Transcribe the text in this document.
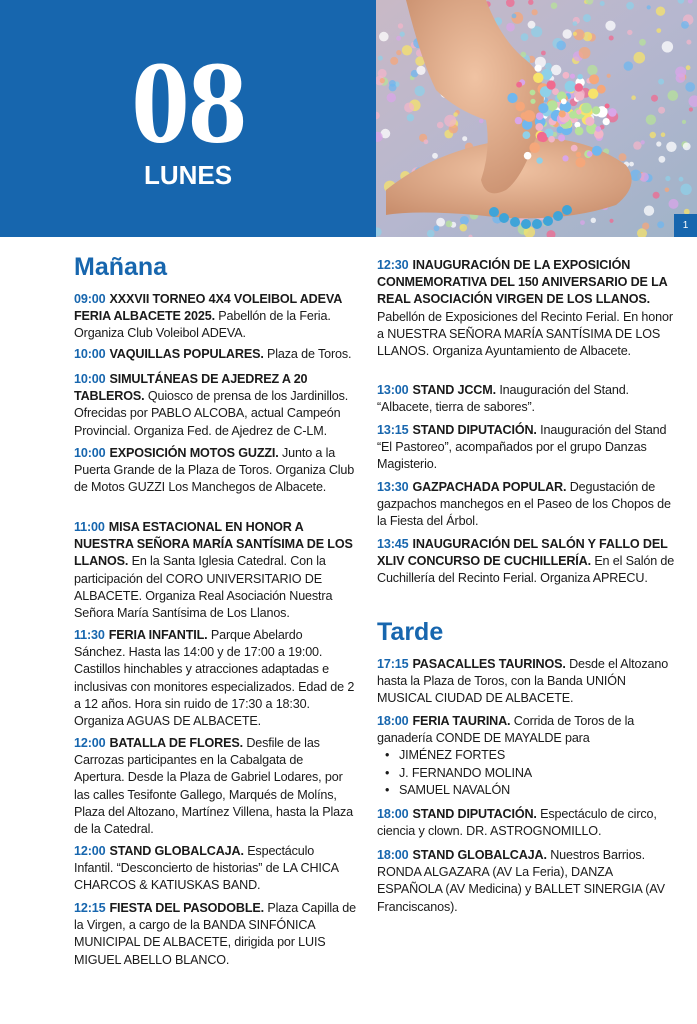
08
LUNES
1
Mañana

09:00 XXXVII TORNEO 4X4 VOLEIBOL ADEVA FERIA ALBACETE 2025. Pabellón de la Feria. Organiza Club Voleibol ADEVA.

10:00 VAQUILLAS POPULARES. Plaza de Toros.

10:00 SIMULTÁNEAS DE AJEDREZ A 20 TABLEROS. Quiosco de prensa de los Jardinillos. Ofrecidas por PABLO ALCOBA, actual Campeón Provincial. Organiza Fed. de Ajedrez de C-LM.

10:00 EXPOSICIÓN MOTOS GUZZI. Junto a la Puerta Grande de la Plaza de Toros. Organiza Club de Motos GUZZI Los Manchegos de Albacete.

11:00 MISA ESTACIONAL EN HONOR A NUESTRA SEÑORA MARÍA SANTÍSIMA DE LOS LLANOS. En la Santa Iglesia Catedral. Con la participación del CORO UNIVERSITARIO DE ALBACETE. Organiza Real Asociación Nuestra Señora María Santísima de Los Llanos.

11:30 FERIA INFANTIL. Parque Abelardo Sánchez. Hasta las 14:00 y de 17:00 a 19:00. Castillos hinchables y atracciones adaptadas e inclusivas con monitores especializados. Edad de 2 a 12 años. Hora sin ruido de 17:30 a 18:30. Organiza AGUAS DE ALBACETE.

12:00 BATALLA DE FLORES. Desfile de las Carrozas participantes en la Cabalgata de Apertura. Desde la Plaza de Gabriel Lodares, por las calles Tesifonte Gallego, Marqués de Molíns, Plaza del Altozano, Martínez Villena, hasta la Plaza de la Catedral.

12:00 STAND GLOBALCAJA. Espectáculo Infantil. “Desconcierto de historias” de LA CHICA CHARCOS & KATIUSKAS BAND.

12:15 FIESTA DEL PASODOBLE. Plaza Capilla de la Virgen, a cargo de la BANDA SINFÓNICA MUNICIPAL DE ALBACETE, dirigida por LUIS MIGUEL ABELLO BLANCO.

12:30 INAUGURACIÓN DE LA EXPOSICIÓN CONMEMORATIVA DEL 150 ANIVERSARIO DE LA REAL ASOCIACIÓN VIRGEN DE LOS LLANOS. Pabellón de Exposiciones del Recinto Ferial. En honor a NUESTRA SEÑORA MARÍA SANTÍSIMA DE LOS LLANOS. Organiza Ayuntamiento de Albacete.

13:00 STAND JCCM. Inauguración del Stand. “Albacete, tierra de sabores”.

13:15 STAND DIPUTACIÓN. Inauguración del Stand “El Pastoreo”, acompañados por el grupo Danzas Magisterio.

13:30 GAZPACHADA POPULAR. Degustación de gazpachos manchegos en el Paseo de los Chopos de la Fiesta del Árbol.

13:45 INAUGURACIÓN DEL SALÓN Y FALLO DEL XLIV CONCURSO DE CUCHILLERÍA. En el Salón de Cuchillería del Recinto Ferial. Organiza APRECU.

Tarde

17:15 PASACALLES TAURINOS. Desde el Altozano hasta la Plaza de Toros, con la Banda UNIÓN MUSICAL CIUDAD DE ALBACETE.

18:00 FERIA TAURINA. Corrida de Toros de la ganadería CONDE DE MAYALDE para
• JIMÉNEZ FORTES
• J. FERNANDO MOLINA
• SAMUEL NAVALÓN

18:00 STAND DIPUTACIÓN. Espectáculo de circo, ciencia y clown. DR. ASTROGNOMILLO.

18:00 STAND GLOBALCAJA. Nuestros Barrios. RONDA ALGAZARA (AV La Feria), DANZA ESPAÑOLA (AV Medicina) y BALLET SINERGIA (AV Franciscanos).
